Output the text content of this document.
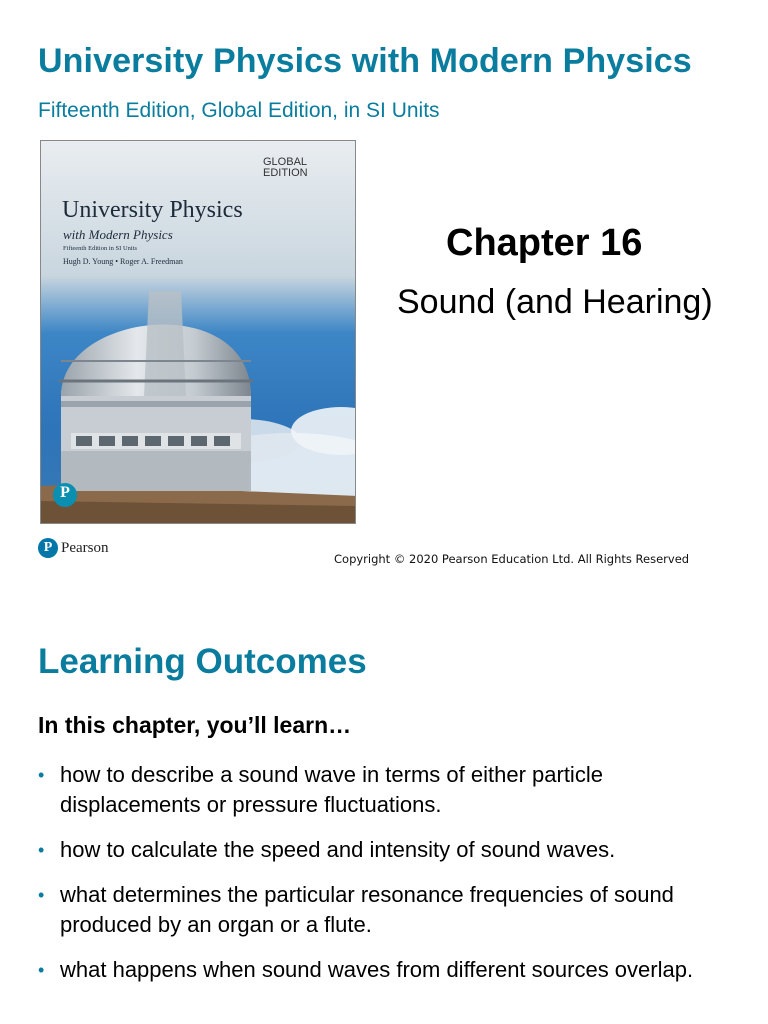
University Physics with Modern Physics

Fifteenth Edition, Global Edition, in SI Units

GLOBAL
EDITION
University Physics
with Modern Physics
Fifteenth Edition in SI Units
Hugh D. Young • Roger A. Freedman
P
Chapter 16

Sound (and Hearing)

P Pearson
Copyright © 2020 Pearson Education Ltd. All Rights Reserved
Learning Outcomes

In this chapter, you’ll learn…

• how to describe a sound wave in terms of either particle displacements or pressure fluctuations.
• how to calculate the speed and intensity of sound waves.
• what determines the particular resonance frequencies of sound produced by an organ or a flute.
• what happens when sound waves from different sources overlap.
